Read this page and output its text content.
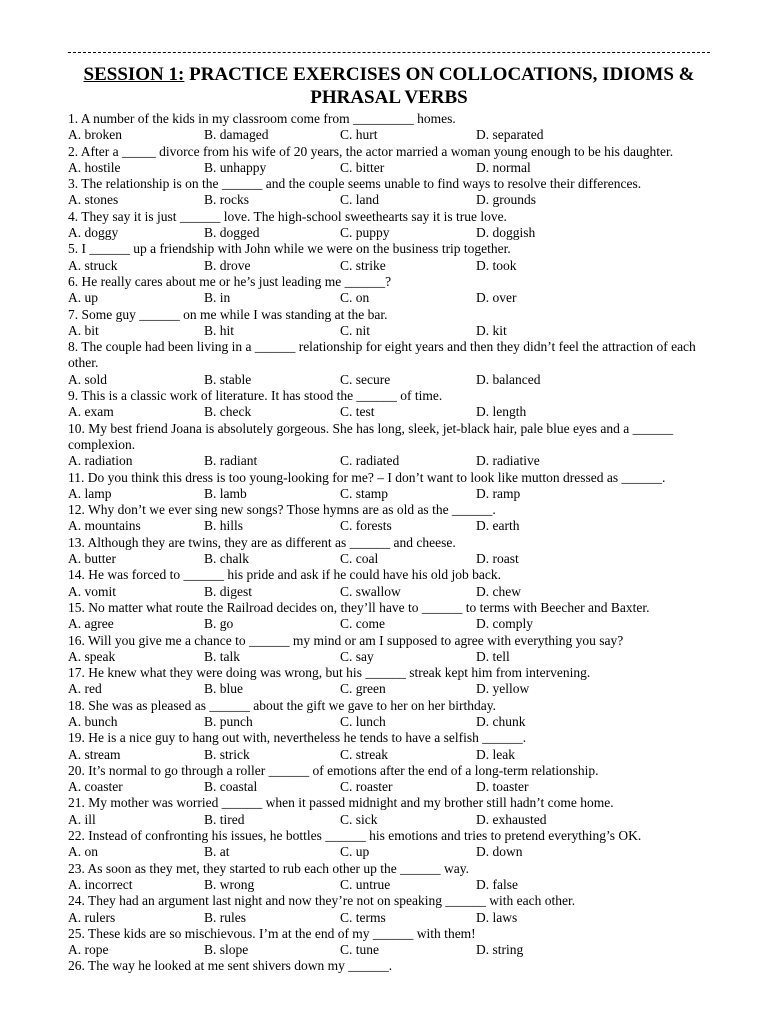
SESSION 1: PRACTICE EXERCISES ON COLLOCATIONS, IDIOMS & PHRASAL VERBS
1. A number of the kids in my classroom come from _________ homes.
A. broken	B. damaged	C. hurt	D. separated
2. After a _____ divorce from his wife of 20 years, the actor married a woman young enough to be his daughter.
A. hostile	B. unhappy	C. bitter	D. normal
3. The relationship is on the ______ and the couple seems unable to find ways to resolve their differences.
A. stones	B. rocks	C. land	D. grounds
4. They say it is just ______ love. The high-school sweethearts say it is true love.
A. doggy	B. dogged	C. puppy	D. doggish
5. I ______ up a friendship with John while we were on the business trip together.
A. struck	B. drove	C. strike	D. took
6. He really cares about me or he’s just leading me ______?
A. up	B. in	C. on	D. over
7. Some guy ______ on me while I was standing at the bar.
A. bit	B. hit	C. nit	D. kit
8. The couple had been living in a ______ relationship for eight years and then they didn’t feel the attraction of each other.
A. sold	B. stable	C. secure	D. balanced
9. This is a classic work of literature. It has stood the ______ of time.
A. exam	B. check	C. test	D. length
10. My best friend Joana is absolutely gorgeous. She has long, sleek, jet-black hair, pale blue eyes and a ______ complexion.
A. radiation	B. radiant	C. radiated	D. radiative
11. Do you think this dress is too young-looking for me? – I don’t want to look like mutton dressed as ______.
A. lamp	B. lamb	C. stamp	D. ramp
12. Why don’t we ever sing new songs? Those hymns are as old as the ______.
A. mountains	B. hills	C. forests	D. earth
13. Although they are twins, they are as different as ______ and cheese.
A. butter	B. chalk	C. coal	D. roast
14. He was forced to ______ his pride and ask if he could have his old job back.
A. vomit	B. digest	C. swallow	D. chew
15. No matter what route the Railroad decides on, they’ll have to ______ to terms with Beecher and Baxter.
A. agree	B. go	C. come	D. comply
16. Will you give me a chance to ______ my mind or am I supposed to agree with everything you say?
A. speak	B. talk	C. say	D. tell
17. He knew what they were doing was wrong, but his ______ streak kept him from intervening.
A. red	B. blue	C. green	D. yellow
18. She was as pleased as ______ about the gift we gave to her on her birthday.
A. bunch	B. punch	C. lunch	D. chunk
19. He is a nice guy to hang out with, nevertheless he tends to have a selfish ______.
A. stream	B. strick	C. streak	D. leak
20. It’s normal to go through a roller ______ of emotions after the end of a long-term relationship.
A. coaster	B. coastal	C. roaster	D. toaster
21. My mother was worried ______ when it passed midnight and my brother still hadn’t come home.
A. ill	B. tired	C. sick	D. exhausted
22. Instead of confronting his issues, he bottles ______ his emotions and tries to pretend everything’s OK.
A. on	B. at	C. up	D. down
23. As soon as they met, they started to rub each other up the ______ way.
A. incorrect	B. wrong	C. untrue	D. false
24. They had an argument last night and now they’re not on speaking ______ with each other.
A. rulers	B. rules	C. terms	D. laws
25. These kids are so mischievous. I’m at the end of my ______ with them!
A. rope	B. slope	C. tune	D. string
26. The way he looked at me sent shivers down my ______.
